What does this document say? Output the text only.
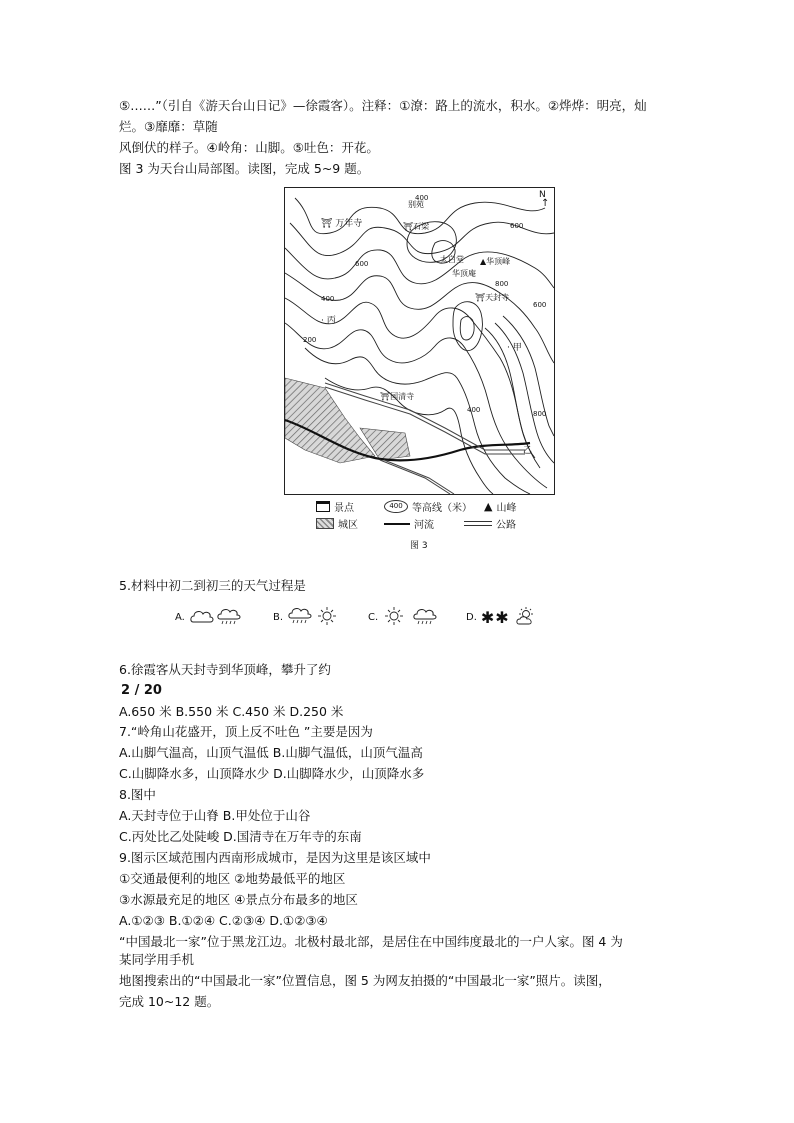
⑤……”（引自《游天台山日记》—徐霞客）。注释：①潦：路上的流水，积水。②烨烨：明亮，灿
烂。③靡靡：草随
风倒伏的样子。④岭角：山脚。⑤吐色：开花。
图 3 为天台山局部图。读图，完成 5~9 题。
N
↑
⛩ 万年寺
别苑
⛩石梁
太白堂 ▲华顶峰
华顶庵
⛩天封寺
⛩国清寺
· 丙
· 甲
乙
400
600
800
600
600
400
200
400	800
景点	400 等高线（米） ▲ 山峰
城区	河流	公路
图 3
5.材料中初二到初三的天气过程是
A.	B.	C.	D. ✱✱
6.徐霞客从天封寺到华顶峰，攀升了约
2 / 20
A.650 米 B.550 米 C.450 米 D.250 米
7.“岭角山花盛开，顶上反不吐色 ”主要是因为
A.山脚气温高，山顶气温低 B.山脚气温低，山顶气温高
C.山脚降水多，山顶降水少 D.山脚降水少，山顶降水多
8.图中
A.天封寺位于山脊 B.甲处位于山谷
C.丙处比乙处陡峻 D.国清寺在万年寺的东南
9.图示区域范围内西南形成城市，是因为这里是该区域中
①交通最便利的地区 ②地势最低平的地区
③水源最充足的地区 ④景点分布最多的地区
A.①②③ B.①②④ C.②③④ D.①②③④
“中国最北一家”位于黑龙江边。北极村最北部，是居住在中国纬度最北的一户人家。图 4 为
某同学用手机
地图搜索出的“中国最北一家”位置信息，图 5 为网友拍摄的“中国最北一家”照片。读图，
完成 10~12 题。
